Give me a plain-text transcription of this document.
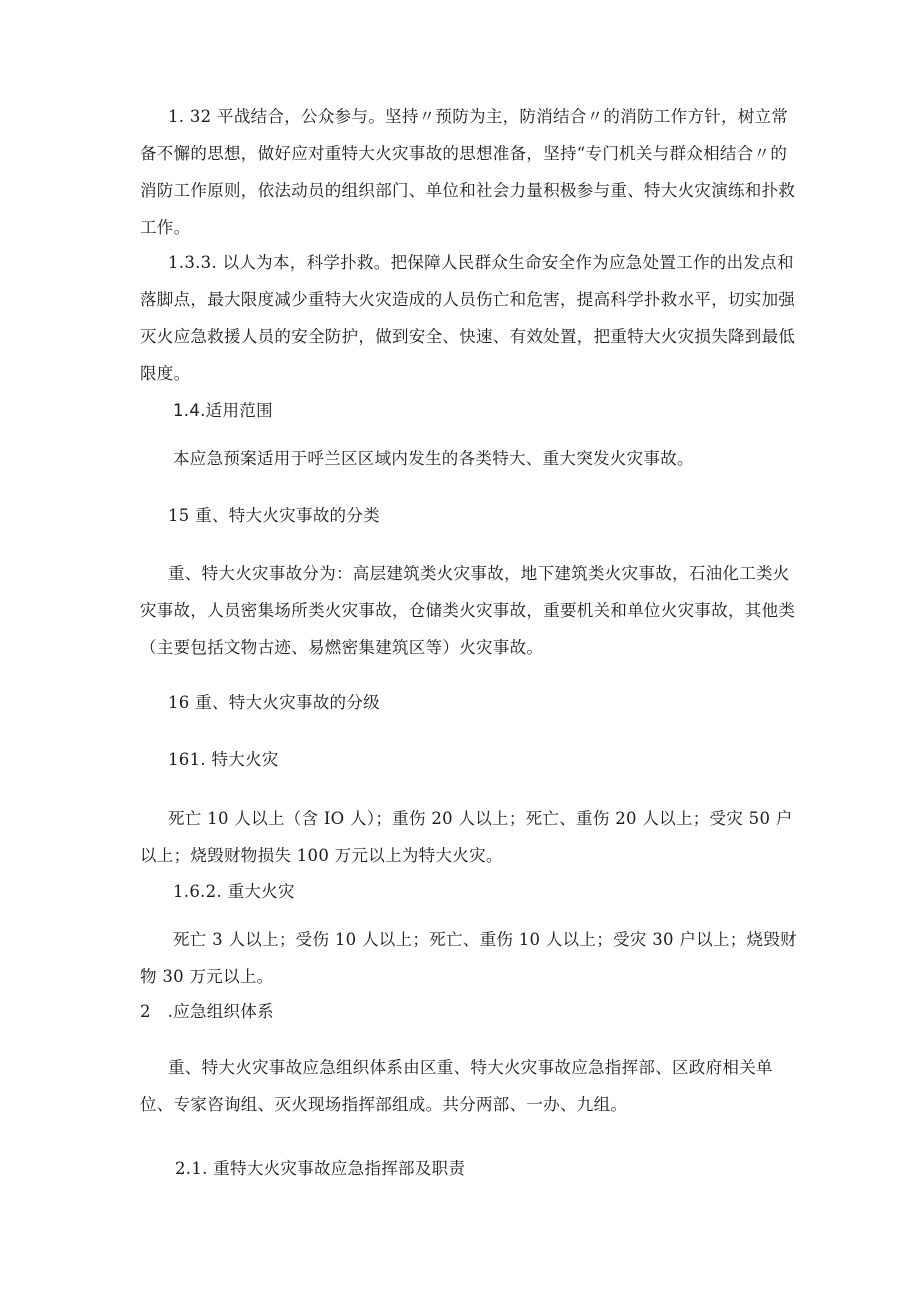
1. 32 平战结合，公众参与。坚持〃预防为主，防消结合〃的消防工作方针，树立常备不懈的思想，做好应对重特大火灾事故的思想准备，坚持“专门机关与群众相结合〃的消防工作原则，依法动员的组织部门、单位和社会力量积极参与重、特大火灾演练和扑救工作。

1.3.3. 以人为本，科学扑救。把保障人民群众生命安全作为应急处置工作的出发点和落脚点，最大限度减少重特大火灾造成的人员伤亡和危害，提高科学扑救水平，切实加强灭火应急救援人员的安全防护，做到安全、快速、有效处置，把重特大火灾损失降到最低限度。

1.4.适用范围

本应急预案适用于呼兰区区域内发生的各类特大、重大突发火灾事故。

15 重、特大火灾事故的分类

重、特大火灾事故分为：高层建筑类火灾事故，地下建筑类火灾事故，石油化工类火灾事故，人员密集场所类火灾事故，仓储类火灾事故，重要机关和单位火灾事故，其他类（主要包括文物古迹、易燃密集建筑区等）火灾事故。

16 重、特大火灾事故的分级

161. 特大火灾

死亡 10 人以上（含 IO 人）；重伤 20 人以上；死亡、重伤 20 人以上；受灾 50 户以上；烧毁财物损失 100 万元以上为特大火灾。

1.6.2. 重大火灾

死亡 3 人以上；受伤 10 人以上；死亡、重伤 10 人以上；受灾 30 户以上；烧毁财物 30 万元以上。

2　.应急组织体系

重、特大火灾事故应急组织体系由区重、特大火灾事故应急指挥部、区政府相关单位、专家咨询组、灭火现场指挥部组成。共分两部、一办、九组。

2.1. 重特大火灾事故应急指挥部及职责
